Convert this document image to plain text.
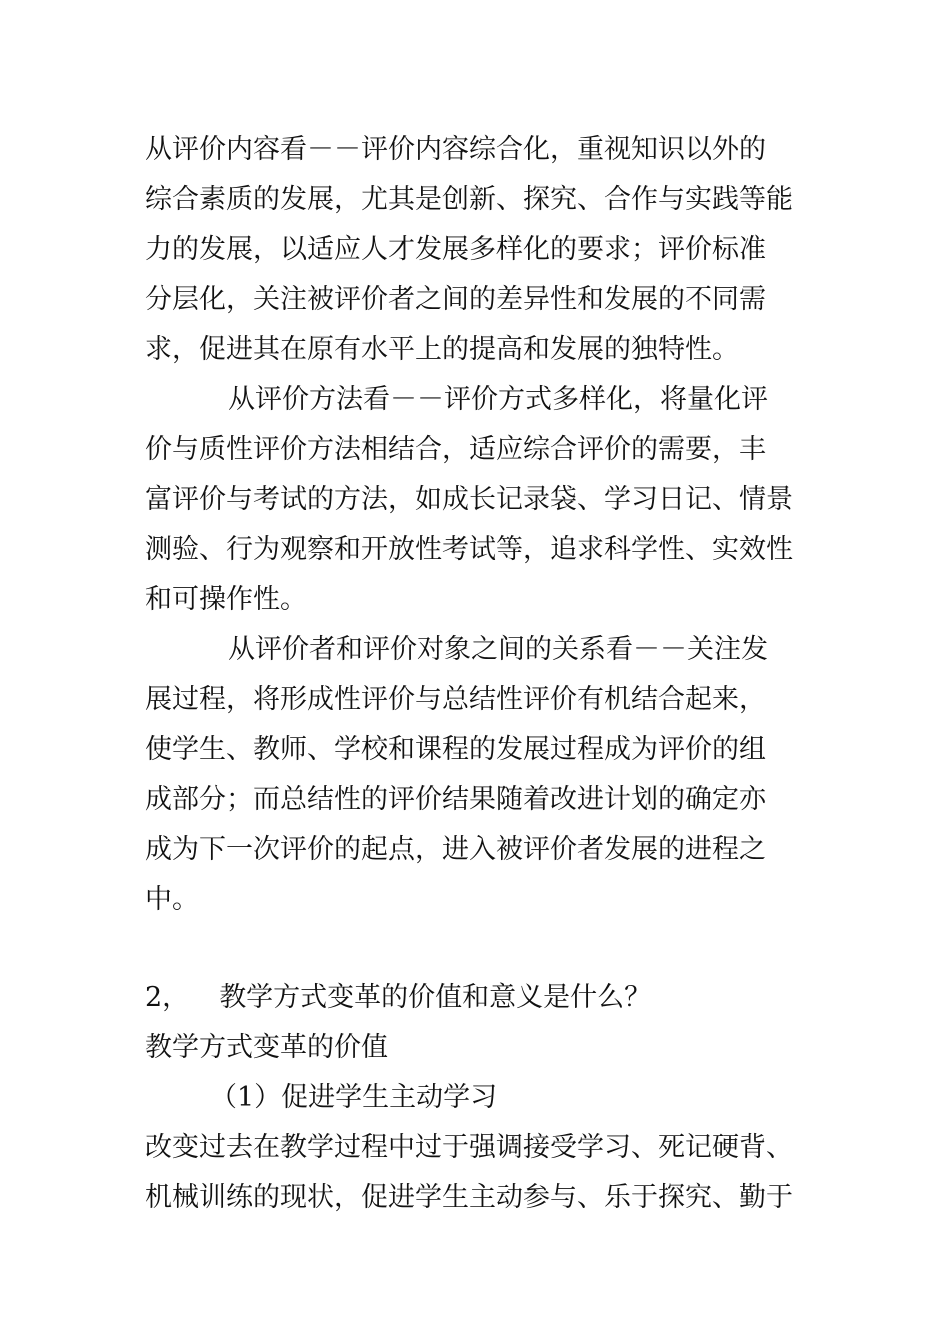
从评价内容看－－评价内容综合化，重视知识以外的
综合素质的发展，尤其是创新、探究、合作与实践等能
力的发展，以适应人才发展多样化的要求；评价标准
分层化，关注被评价者之间的差异性和发展的不同需
求，促进其在原有水平上的提高和发展的独特性。
从评价方法看－－评价方式多样化，将量化评
价与质性评价方法相结合，适应综合评价的需要，丰
富评价与考试的方法，如成长记录袋、学习日记、情景
测验、行为观察和开放性考试等，追求科学性、实效性
和可操作性。
从评价者和评价对象之间的关系看－－关注发
展过程，将形成性评价与总结性评价有机结合起来，
使学生、教师、学校和课程的发展过程成为评价的组
成部分；而总结性的评价结果随着改进计划的确定亦
成为下一次评价的起点，进入被评价者发展的进程之
中。
2， 教学方式变革的价值和意义是什么？
教学方式变革的价值
（1）促进学生主动学习
改变过去在教学过程中过于强调接受学习、死记硬背、
机械训练的现状，促进学生主动参与、乐于探究、勤于
